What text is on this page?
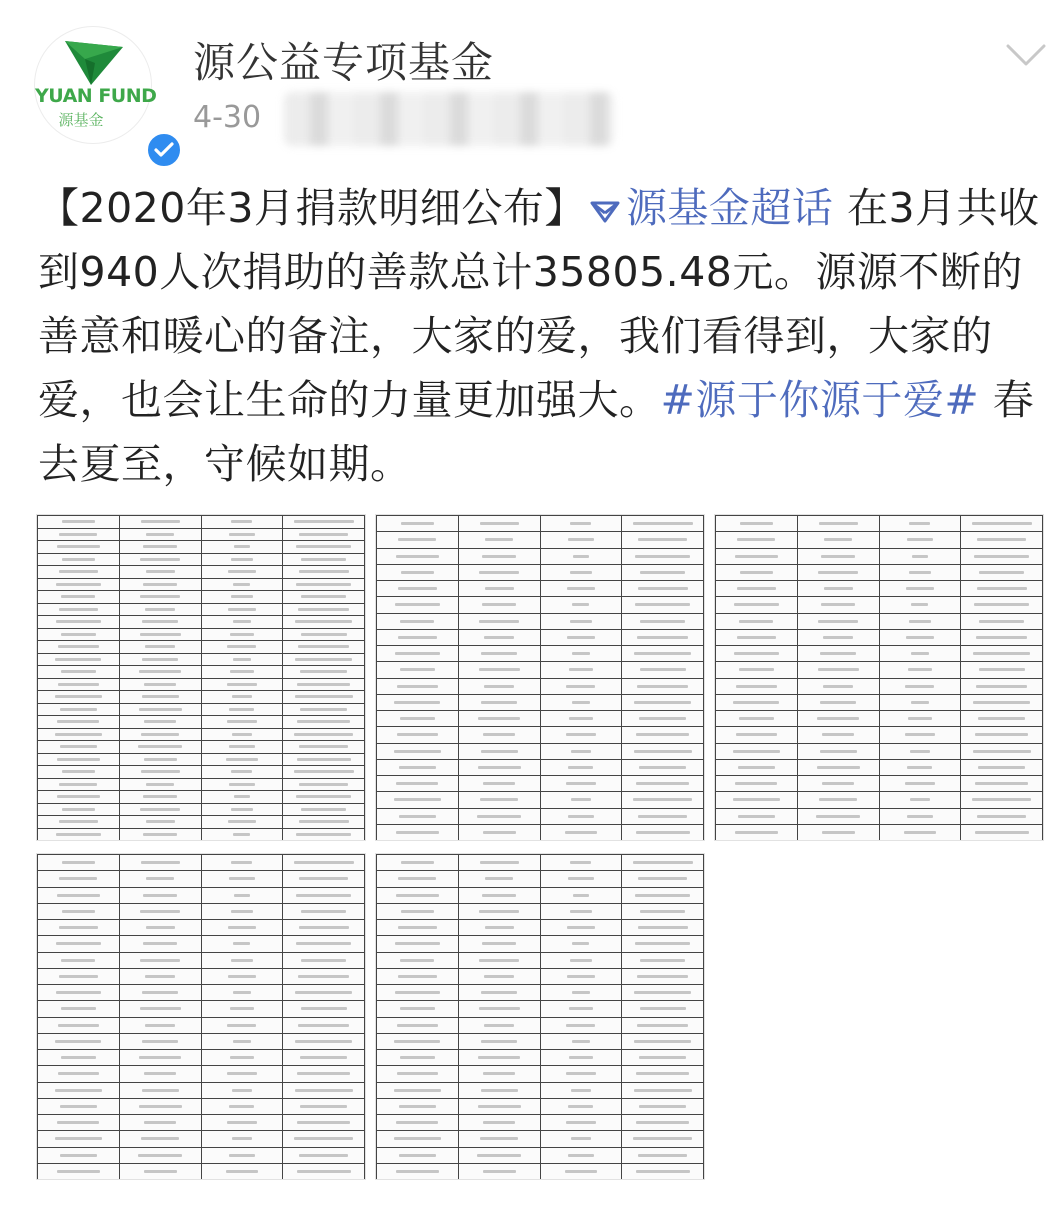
YUAN FUND
源基金
源公益专项基金
4-30
【2020年3月捐款明细公布】 源基金超话 在3月共收到940人次捐助的善款总计35805.48元。源源不断的善意和暖心的备注，大家的爱，我们看得到，大家的爱，也会让生命的力量更加强大。#源于你源于爱# 春去夏至，守候如期。
